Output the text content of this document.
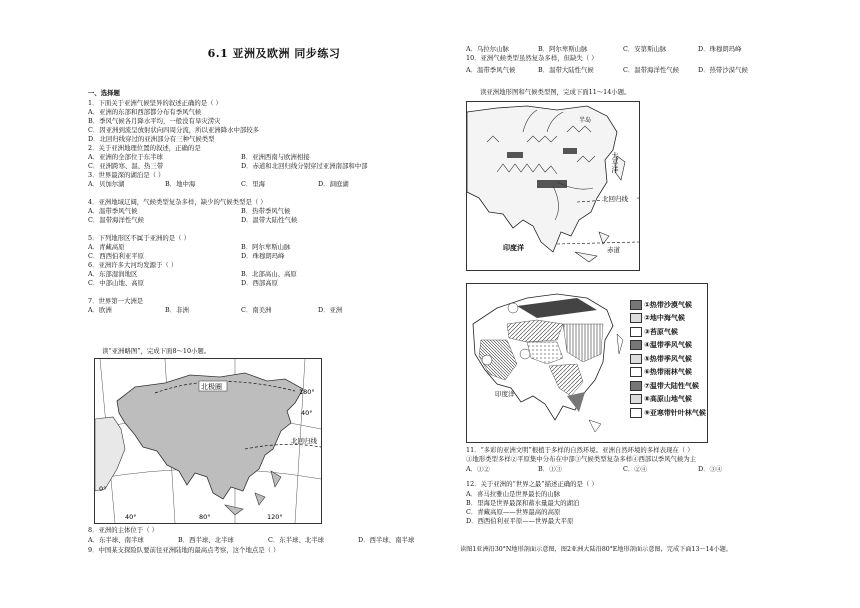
6.1 亚洲及欧洲 同步练习
一、选择题
1．下面关于亚洲气候坚异的叙述正确的是（ ）
A．亚洲的东部和西部都分布有季风气候
B．季风气候各月降水平均，一般没有旱灾涝灾
C．因亚洲到流呈放射状向四周分流，所以亚洲降水中部较多
D．北回归线穿过的亚洲部分有三种气候类型
2．关于亚洲地理位置的叙述，正确的是
3．世界最深的湖泊是（ ）
4．亚洲地域辽阔，气候类型复杂多样，缺少的气候类型是（ ）
5．下列地形区不属于亚洲的是（ ）
6．亚洲许多大河均发源于（ ）
7．世界第一大洲是
A．亚洲的全部位于东半球	B．亚洲西南与欧洲相接
C．亚洲跨寒、温、热三带	D．赤道和北回归线分别穿过亚洲南部和中部
A．贝加尔湖	B．地中海	C．里海	D．洞庭湖
A．温带季风气候	B．热带季风气候
C．温带海洋性气候	D．温带大陆性气候
A．青藏高原	B．阿尔卑斯山脉
C．西西伯利亚平原	D．珠穆朗玛峰
A．东部湿润地区	B．北部高山、高原
C．中部山地、高原	D．西部高原
A．欧洲	B．非洲	C．南美洲	D．亚洲
读“亚洲略图”，完成下面8～10小题。
北极圈
北回归线
180°
40°
0°
40°	80°	120°
8．亚洲的主体位于（ ）
A．东半球、南半球	B．西半球、北半球	C．东半球、北半球	D．西半球、南半球
9．中国某支探险队要前往亚洲陆地的最高点考察，这个地点是（ ）
A．乌拉尔山脉	B．阿尔卑斯山脉	C．安第斯山脉	D．珠穆朗玛峰
10．亚洲气候类型虽然复杂多样，但缺失（ ）
A．温带季风气候	B．温带大陆性气候	C．温带海洋性气候	D．热带沙漠气候
读亚洲地形图和气候类型图，完成下面11～14小题。
北回归线
太平洋
印度洋	赤道
半岛
印度洋
①热带沙漠气候
②地中海气候
③苔原气候
④温带季风气候
⑤热带季风气候
⑥热带雨林气候
⑦温带大陆性气候
⑧高原山地气候
⑨亚寒带针叶林气候
11．“多彩的亚洲文明”根植于多样的自然环境。亚洲自然环境的多样表现在（ ）
①地形类型多样②平原集中分布在中部③气候类型复杂多样④西部以季风气候为主
A．①②	B．①③	C．②④	D．③④
12．关于亚洲的“世界之最”描述正确的是（ ）
A．喜马拉雅山是世界最长的山脉
B．里海是世界最深和蓄水量最大的湖泊
C．青藏高原——世界最高的高原
D．西西伯利亚平原——世界最大平原
读图1亚洲沿30°N地形剖面示意图，图2亚洲大陆沿80°E地形剖面示意图，完成下面13～14小题。
